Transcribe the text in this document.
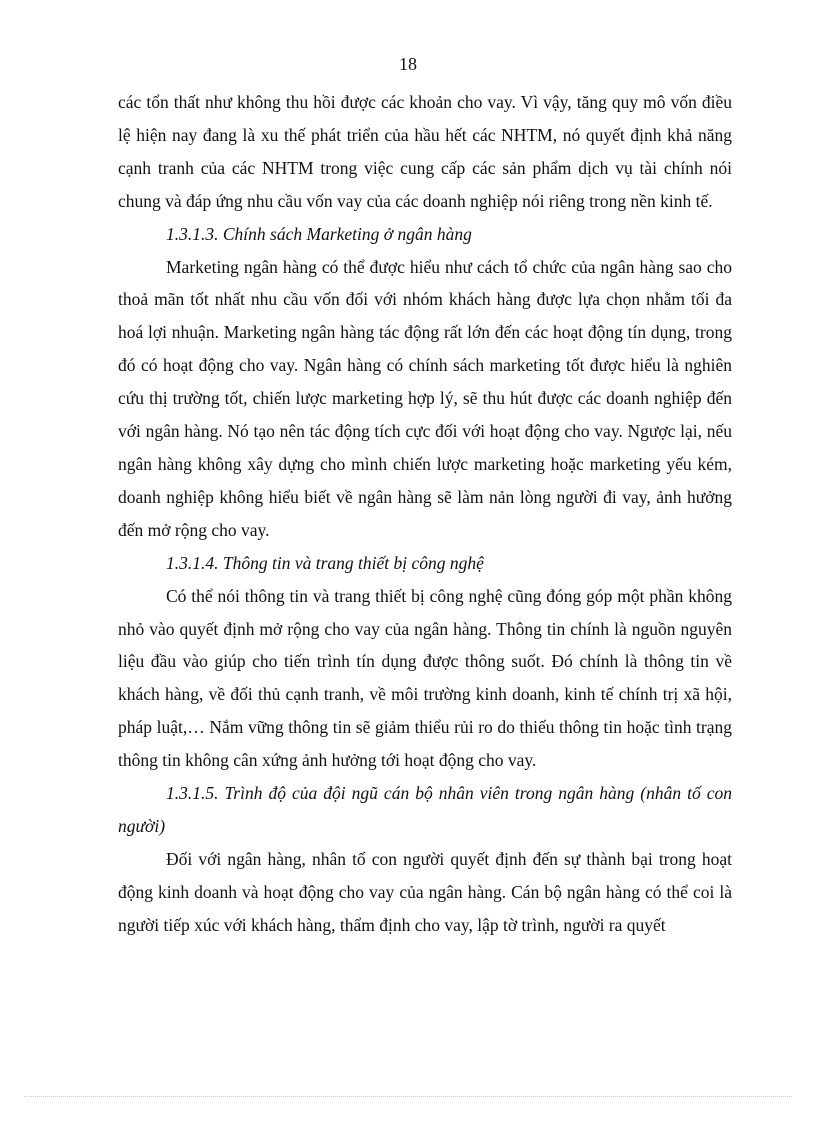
18

các tổn thất như không thu hồi được các khoản cho vay. Vì vậy, tăng quy mô vốn điều lệ hiện nay đang là xu thế phát triển của hầu hết các NHTM, nó quyết định khả năng cạnh tranh của các NHTM trong việc cung cấp các sản phẩm dịch vụ tài chính nói chung và đáp ứng nhu cầu vốn vay của các doanh nghiệp nói riêng trong nền kinh tế.

1.3.1.3. Chính sách Marketing ở ngân hàng

Marketing ngân hàng có thể được hiểu như cách tổ chức của ngân hàng sao cho thoả mãn tốt nhất nhu cầu vốn đối với nhóm khách hàng được lựa chọn nhằm tối đa hoá lợi nhuận. Marketing ngân hàng tác động rất lớn đến các hoạt động tín dụng, trong đó có hoạt động cho vay. Ngân hàng có chính sách marketing tốt được hiểu là nghiên cứu thị trường tốt, chiến lược marketing hợp lý, sẽ thu hút được các doanh nghiệp đến với ngân hàng. Nó tạo nên tác động tích cực đối với hoạt động cho vay. Ngược lại, nếu ngân hàng không xây dựng cho mình chiến lược marketing hoặc marketing yếu kém, doanh nghiệp không hiểu biết về ngân hàng sẽ làm nản lòng người đi vay, ảnh hưởng đến mở rộng cho vay.

1.3.1.4. Thông tin và trang thiết bị công nghệ

Có thể nói thông tin và trang thiết bị công nghệ cũng đóng góp một phần không nhỏ vào quyết định mở rộng cho vay của ngân hàng. Thông tin chính là nguồn nguyên liệu đầu vào giúp cho tiến trình tín dụng được thông suốt. Đó chính là thông tin về khách hàng, về đối thủ cạnh tranh, về môi trường kinh doanh, kinh tế chính trị xã hội, pháp luật,… Nắm vững thông tin sẽ giảm thiểu rủi ro do thiếu thông tin hoặc tình trạng thông tin không cân xứng ảnh hưởng tới hoạt động cho vay.

1.3.1.5. Trình độ của đội ngũ cán bộ nhân viên trong ngân hàng (nhân tố con người)

Đối với ngân hàng, nhân tố con người quyết định đến sự thành bại trong hoạt động kinh doanh và hoạt động cho vay của ngân hàng. Cán bộ ngân hàng có thể coi là người tiếp xúc với khách hàng, thẩm định cho vay, lập tờ trình, người ra quyết
